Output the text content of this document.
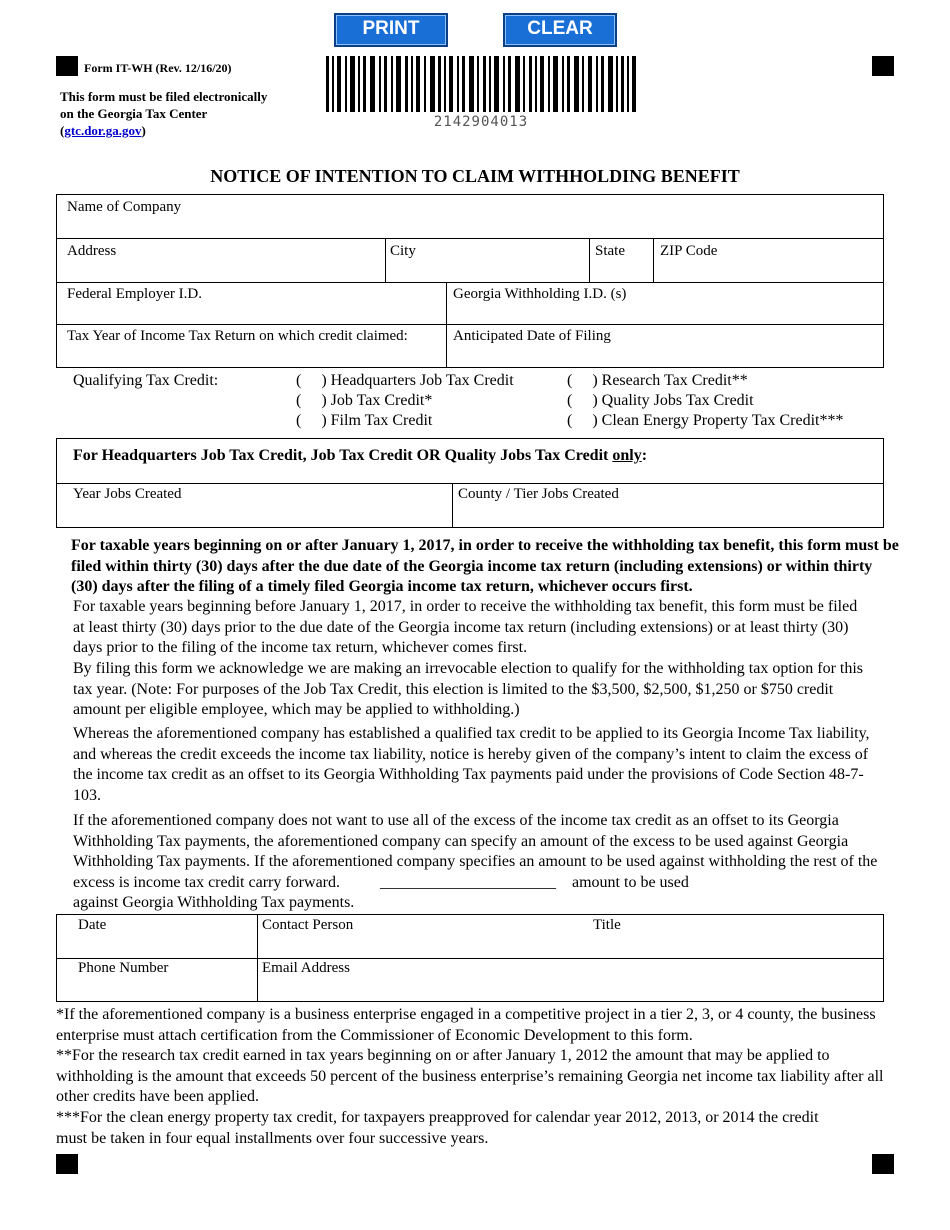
PRINT	CLEAR
Form IT-WH (Rev. 12/16/20)
This form must be filed electronically
on the Georgia Tax Center
(gtc.dor.ga.gov)
2142904013
NOTICE OF INTENTION TO CLAIM WITHHOLDING BENEFIT
Name of Company
Address	City	State ZIP Code
Federal Employer I.D.	Georgia Withholding I.D. (s)
Tax Year of Income Tax Return on which credit claimed:	Anticipated Date of Filing
Qualifying Tax Credit:	(     ) Headquarters Job Tax Credit
(     ) Job Tax Credit*
(     ) Film Tax Credit
(     ) Research Tax Credit**
(     ) Quality Jobs Tax Credit
(     ) Clean Energy Property Tax Credit***
For Headquarters Job Tax Credit, Job Tax Credit OR Quality Jobs Tax Credit only:
Year Jobs Created	County / Tier Jobs Created
For taxable years beginning on or after January 1, 2017, in order to receive the withholding tax benefit, this form must be filed within thirty (30) days after the due date of the Georgia income tax return (including extensions) or within thirty (30) days after the filing of a timely filed Georgia income tax return, whichever occurs first.
For taxable years beginning before January 1, 2017, in order to receive the withholding tax benefit, this form must be filed at least thirty (30) days prior to the due date of the Georgia income tax return (including extensions) or at least thirty (30) days prior to the filing of the income tax return, whichever comes first.
By filing this form we acknowledge we are making an irrevocable election to qualify for the withholding tax option for this tax year. (Note: For purposes of the Job Tax Credit, this election is limited to the $3,500, $2,500, $1,250 or $750 credit amount per eligible employee, which may be applied to withholding.)
Whereas the aforementioned company has established a qualified tax credit to be applied to its Georgia Income Tax liability, and whereas the credit exceeds the income tax liability, notice is hereby given of the company’s intent to claim the excess of the income tax credit as an offset to its Georgia Withholding Tax payments paid under the provisions of Code Section 48-7-103.
If the aforementioned company does not want to use all of the excess of the income tax credit as an offset to its Georgia Withholding Tax payments, the aforementioned company can specify an amount of the excess to be used against Georgia Withholding Tax payments. If the aforementioned company specifies an amount to be used against withholding the rest of the excess is income tax credit carry forward.	______________________ amount to be used
against Georgia Withholding Tax payments.
Date	Contact Person	Title
Phone Number	Email Address
*If the aforementioned company is a business enterprise engaged in a competitive project in a tier 2, 3, or 4 county, the business enterprise must attach certification from the Commissioner of Economic Development to this form.
**For the research tax credit earned in tax years beginning on or after January 1, 2012 the amount that may be applied to withholding is the amount that exceeds 50 percent of the business enterprise’s remaining Georgia net income tax liability after all other credits have been applied.
***For the clean energy property tax credit, for taxpayers preapproved for calendar year 2012, 2013, or 2014 the credit must be taken in four equal installments over four successive years.
